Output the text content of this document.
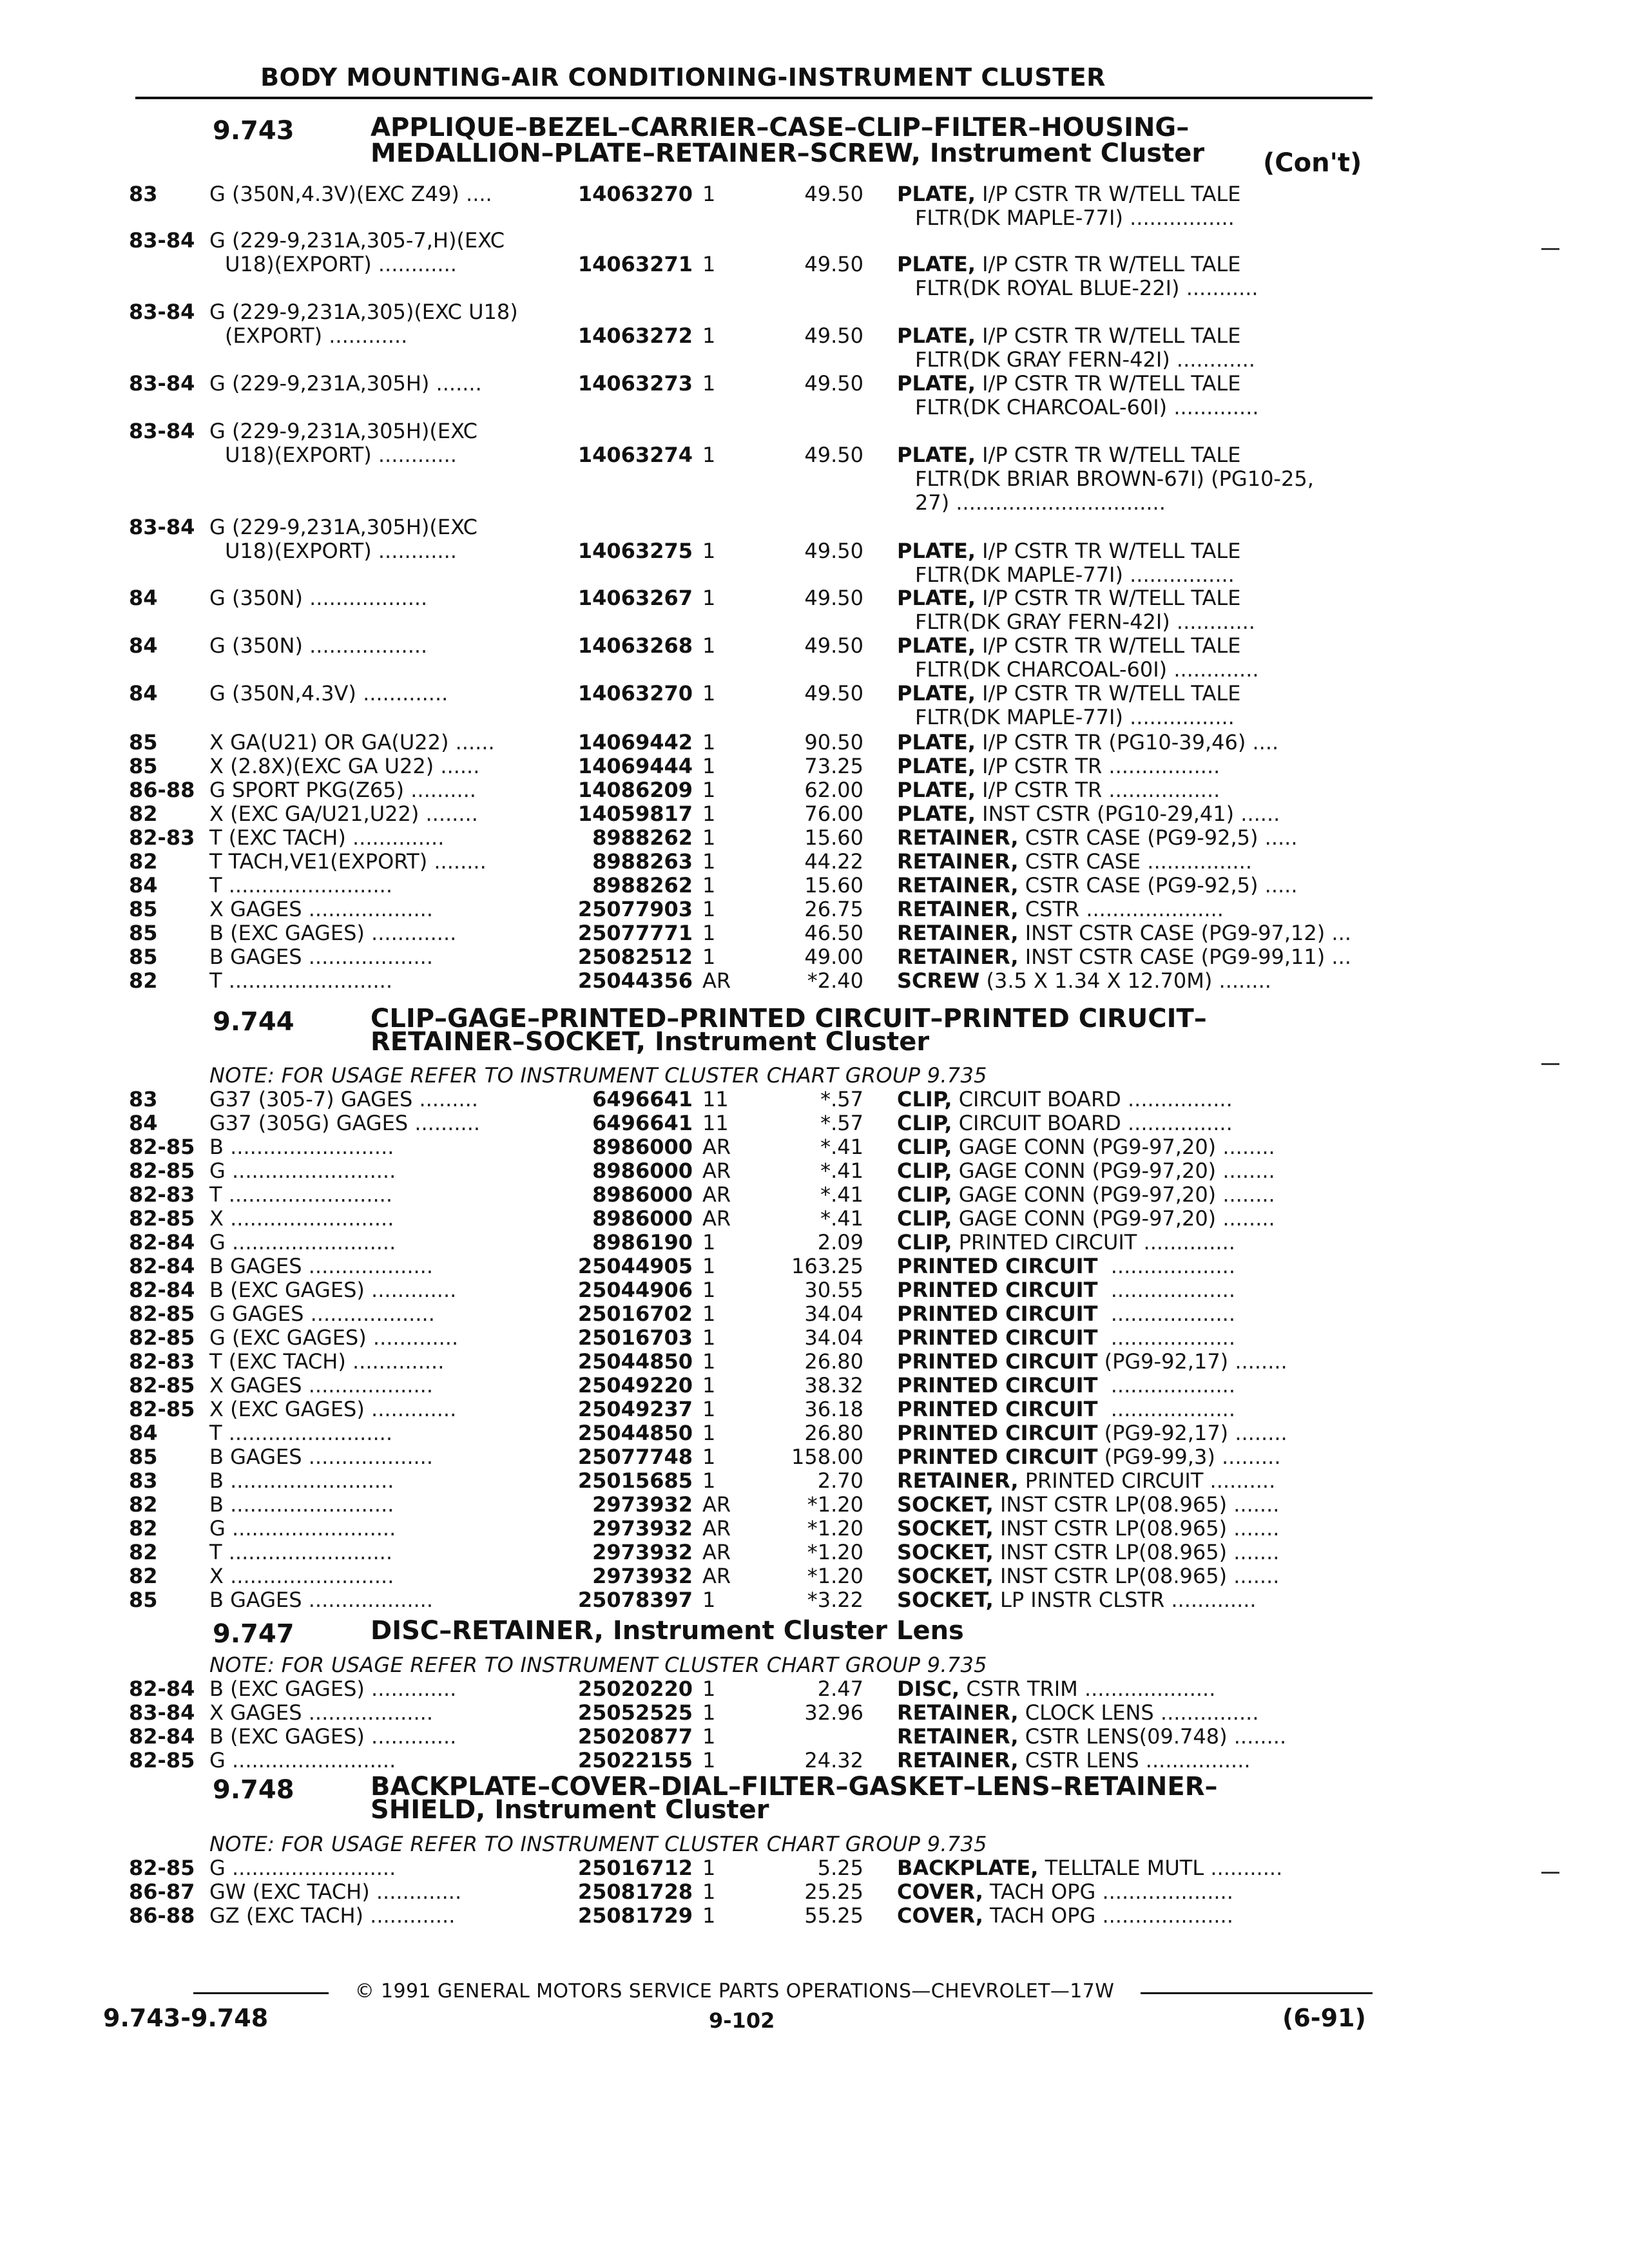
BODY MOUNTING-AIR CONDITIONING-INSTRUMENT CLUSTER
9.743	APPLIQUE–BEZEL–CARRIER–CASE–CLIP–FILTER–HOUSING–
MEDALLION–PLATE–RETAINER–SCREW, Instrument Cluster	(Con't)
9.744	CLIP–GAGE–PRINTED–PRINTED CIRCUIT–PRINTED CIRUCIT–
RETAINER–SOCKET, Instrument Cluster
NOTE: FOR USAGE REFER TO INSTRUMENT CLUSTER CHART GROUP 9.735
9.747	DISC–RETAINER, Instrument Cluster Lens
NOTE: FOR USAGE REFER TO INSTRUMENT CLUSTER CHART GROUP 9.735
9.748	BACKPLATE–COVER–DIAL–FILTER–GASKET–LENS–RETAINER–
SHIELD, Instrument Cluster
NOTE: FOR USAGE REFER TO INSTRUMENT CLUSTER CHART GROUP 9.735
83	G (350N,4.3V)(EXC Z49) ....	14063270 1	49.50 PLATE, I/P CSTR TR W/TELL TALE
FLTR(DK MAPLE-77I) ................
83-84 G (229-9,231A,305-7,H)(EXC
U18)(EXPORT) ............	14063271 1	49.50 PLATE, I/P CSTR TR W/TELL TALE
FLTR(DK ROYAL BLUE-22I) ...........
83-84 G (229-9,231A,305)(EXC U18)
(EXPORT) ............	14063272 1	49.50 PLATE, I/P CSTR TR W/TELL TALE
FLTR(DK GRAY FERN-42I) ............
83-84 G (229-9,231A,305H) .......	14063273 1	49.50 PLATE, I/P CSTR TR W/TELL TALE
FLTR(DK CHARCOAL-60I) .............
83-84 G (229-9,231A,305H)(EXC
U18)(EXPORT) ............	14063274 1	49.50 PLATE, I/P CSTR TR W/TELL TALE
FLTR(DK BRIAR BROWN-67I) (PG10-25,
27) ................................
83-84 G (229-9,231A,305H)(EXC
U18)(EXPORT) ............	14063275 1	49.50 PLATE, I/P CSTR TR W/TELL TALE
FLTR(DK MAPLE-77I) ................
84	G (350N) ..................	14063267 1	49.50 PLATE, I/P CSTR TR W/TELL TALE
FLTR(DK GRAY FERN-42I) ............
84	G (350N) ..................	14063268 1	49.50 PLATE, I/P CSTR TR W/TELL TALE
FLTR(DK CHARCOAL-60I) .............
84	G (350N,4.3V) .............	14063270 1	49.50 PLATE, I/P CSTR TR W/TELL TALE
FLTR(DK MAPLE-77I) ................
85	X GA(U21) OR GA(U22) ......	14069442 1	90.50 PLATE, I/P CSTR TR (PG10-39,46) ....
85	X (2.8X)(EXC GA U22) ......	14069444 1	73.25 PLATE, I/P CSTR TR .................
86-88 G SPORT PKG(Z65) ..........	14086209 1	62.00 PLATE, I/P CSTR TR .................
82	X (EXC GA/U21,U22) ........	14059817 1	76.00 PLATE, INST CSTR (PG10-29,41) ......
82-83 T (EXC TACH) ..............	8988262 1	15.60 RETAINER, CSTR CASE (PG9-92,5) .....
82	T TACH,VE1(EXPORT) ........	8988263 1	44.22 RETAINER, CSTR CASE ................
84	T .........................	8988262 1	15.60 RETAINER, CSTR CASE (PG9-92,5) .....
85	X GAGES ...................	25077903 1	26.75 RETAINER, CSTR .....................
85	B (EXC GAGES) .............	25077771 1	46.50 RETAINER, INST CSTR CASE (PG9-97,12) ...
85	B GAGES ...................	25082512 1	49.00 RETAINER, INST CSTR CASE (PG9-99,11) ...
82	T .........................	25044356 AR	*2.40 SCREW (3.5 X 1.34 X 12.70M) ........
83	G37 (305-7) GAGES .........	6496641 11	*.57 CLIP, CIRCUIT BOARD ................
84	G37 (305G) GAGES ..........	6496641 11	*.57 CLIP, CIRCUIT BOARD ................
82-85 B .........................	8986000 AR	*.41 CLIP, GAGE CONN (PG9-97,20) ........
82-85 G .........................	8986000 AR	*.41 CLIP, GAGE CONN (PG9-97,20) ........
82-83 T .........................	8986000 AR	*.41 CLIP, GAGE CONN (PG9-97,20) ........
82-85 X .........................	8986000 AR	*.41 CLIP, GAGE CONN (PG9-97,20) ........
82-84 G .........................	8986190 1	2.09 CLIP, PRINTED CIRCUIT ..............
82-84 B GAGES ...................	25044905 1	163.25 PRINTED CIRCUIT  ...................
82-84 B (EXC GAGES) .............	25044906 1	30.55 PRINTED CIRCUIT  ...................
82-85 G GAGES ...................	25016702 1	34.04 PRINTED CIRCUIT  ...................
82-85 G (EXC GAGES) .............	25016703 1	34.04 PRINTED CIRCUIT  ...................
82-83 T (EXC TACH) ..............	25044850 1	26.80 PRINTED CIRCUIT (PG9-92,17) ........
82-85 X GAGES ...................	25049220 1	38.32 PRINTED CIRCUIT  ...................
82-85 X (EXC GAGES) .............	25049237 1	36.18 PRINTED CIRCUIT  ...................
84	T .........................	25044850 1	26.80 PRINTED CIRCUIT (PG9-92,17) ........
85	B GAGES ...................	25077748 1	158.00 PRINTED CIRCUIT (PG9-99,3) .........
83	B .........................	25015685 1	2.70 RETAINER, PRINTED CIRCUIT ..........
82	B .........................	2973932 AR	*1.20 SOCKET, INST CSTR LP(08.965) .......
82	G .........................	2973932 AR	*1.20 SOCKET, INST CSTR LP(08.965) .......
82	T .........................	2973932 AR	*1.20 SOCKET, INST CSTR LP(08.965) .......
82	X .........................	2973932 AR	*1.20 SOCKET, INST CSTR LP(08.965) .......
85	B GAGES ...................	25078397 1	*3.22 SOCKET, LP INSTR CLSTR .............
82-84 B (EXC GAGES) .............	25020220 1	2.47 DISC, CSTR TRIM ....................
83-84 X GAGES ...................	25052525 1	32.96 RETAINER, CLOCK LENS ...............
82-84 B (EXC GAGES) .............	25020877 1	RETAINER, CSTR LENS(09.748) ........
82-85 G .........................	25022155 1	24.32 RETAINER, CSTR LENS ................
82-85 G .........................	25016712 1	5.25 BACKPLATE, TELLTALE MUTL ...........
86-87 GW (EXC TACH) .............	25081728 1	25.25 COVER, TACH OPG ....................
86-88 GZ (EXC TACH) .............	25081729 1	55.25 COVER, TACH OPG ....................
© 1991 GENERAL MOTORS SERVICE PARTS OPERATIONS—CHEVROLET—17W
9.743-9.748	9-102	(6-91)
